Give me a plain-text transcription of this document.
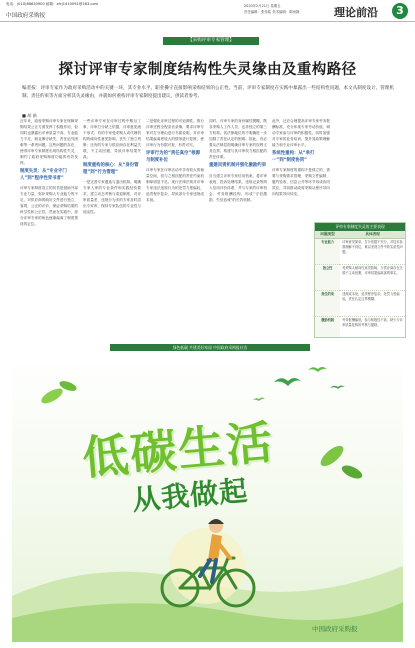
电话：(010)68630900 邮箱：zfcj1410091@163.com
中国政府采购报
2020年2月21日 星期五
责任编辑：张伟铭 美术编辑：陈雨静	理论前沿	3
【采购评审专家管理】
探讨评审专家制度结构性失灵缘由及重构路径

编者按：评审专家作为政府采购活动中的关键一环，其专业水平、职业操守直接影响采购结果的公正性。当前，评审专家制度在实践中暴露出一些结构性问题，本文从制度设计、管理机制、责任约束等方面分析其失灵缘由，并就如何重构评审专家制度提出建议，供读者参考。

■ 胡 新

近年来，政府采购评审专家在保障采购结果公正方面发挥了积极作用，但同时也暴露出评审质量不高、专业能力不足、职业操守缺失、责任追究困难等一系列问题。这些问题的存在，使得评审专家制度出现结构性失灵，制约了政府采购制度功能的有效发挥。

制度失灵：从“专业守门人”到“程序性背书者”

评审专家制度设立的初衷是借助外部专业力量，弥补采购人专业能力的不足，对供应商的响应文件进行独立、客观、公正的评价，保证采购结果的科学性和公正性。然而在实践中，部分评审专家的角色逐渐偏离了制度预设的定位。

一些评审专家在评审过程中敷衍了事，评审打分缺乏依据，评审意见流于形式；有的专家受采购人或代理机构的倾向性意见影响，丧失了独立判断；还有的专家与供应商存在利益关联，不主动回避，导致评审结果失真。

制度重构的核心：从“身份管理”到“行为管理”

一是完善专家遴选与退出机制。明确专家入库的专业条件和实践经验要求，建立动态考核与清退制度，对评审质量差、违规行为多的专家及时清出专家库，保持专家队伍的专业性与纯洁性。

二是强化评审过程的可追溯性。推行评审过程全程录音录像，要求评审专家对打分理由进行书面说明，对评审结果偏离度较大的情形进行复核，使评审行为有据可查、有责可究。

评审行为的“责任真空”根源与制度补位

评审专家在评审活动中享有较大的裁量空间，但与之相匹配的责任约束机制却明显不足。现行法律法规对评审专家违法违规行为的处罚力度偏轻，追责程序复杂，导致部分专家违规成本低。

同时，评审专家的身份属性模糊，既非采购人工作人员，也非独立的第三方机构，其法律地位的不明确进一步加剧了责任认定的困难。因此，有必要从法律层面明确评审专家的权利义务边界，构建与其评审权力相匹配的责任体系。

重建问责机制并强化激励约束

应当建立评审专家信用档案，将评审表现、投诉处理结果、违规记录等纳入信用评价体系，并与专家的评审机会、劳务报酬挂钩，形成“守信激励、失信惩戒”的长效机制。

此外，还应合理提高评审专家劳务报酬标准，充分体现专家劳动价值，调动专家参与评审的积极性，同时加强对专家的业务培训，提升其政策理解能力和专业评审水平。

系统性重构：从“单打一”到“制度协同”

评审专家制度的重构不是孤立的，需要与采购需求管理、采购文件编制、履约验收、信息公开等环节形成协同效应，共同推动政府采购从程序导向向结果导向转变。

评审专家制度失灵的主要表现
问题类型	具体表现
专业能力	评审意见简单，打分依据不充分，对技术参数理解不到位，难以发现文件中的实质性问题。
独立性	受采购人倾向性意见影响，与供应商存在关联不主动回避，评审结果偏离客观事实。
责任约束	违规成本低，追责程序复杂，处罚力度偏轻，责任认定边界模糊。
激励机制	劳务报酬偏低，参与积极性不高，缺少与评审质量挂钩的考核与激励。
绿色低碳 共建美好家园 中国政府采购报社宣
低碳生活
从我做起
中国政府采购报
